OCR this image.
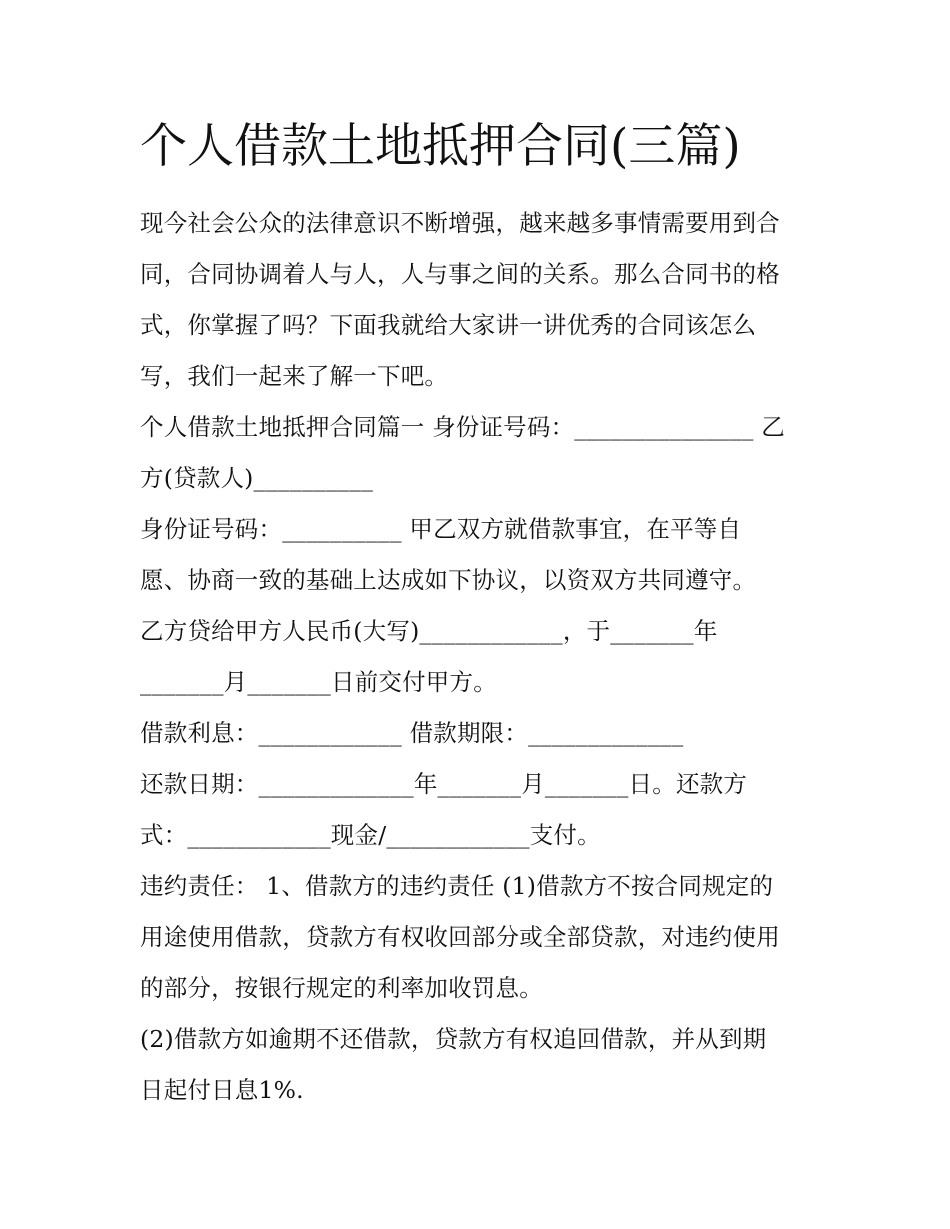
个人借款土地抵押合同(三篇)
现今社会公众的法律意识不断增强，越来越多事情需要用到合
同，合同协调着人与人，人与事之间的关系。那么合同书的格
式，你掌握了吗？下面我就给大家讲一讲优秀的合同该怎么
写，我们一起来了解一下吧。
个人借款土地抵押合同篇一 身份证号码：_______________ 乙
方(贷款人)__________
身份证号码：__________ 甲乙双方就借款事宜，在平等自
愿、协商一致的基础上达成如下协议，以资双方共同遵守。
乙方贷给甲方人民币(大写)____________，于_______年
_______月_______日前交付甲方。
借款利息：____________ 借款期限：_____________
还款日期：_____________年_______月_______日。还款方
式：____________现金/____________支付。
违约责任： 1、借款方的违约责任 (1)借款方不按合同规定的
用途使用借款，贷款方有权收回部分或全部贷款，对违约使用
的部分，按银行规定的利率加收罚息。
(2)借款方如逾期不还借款，贷款方有权追回借款，并从到期
日起付日息1%.
